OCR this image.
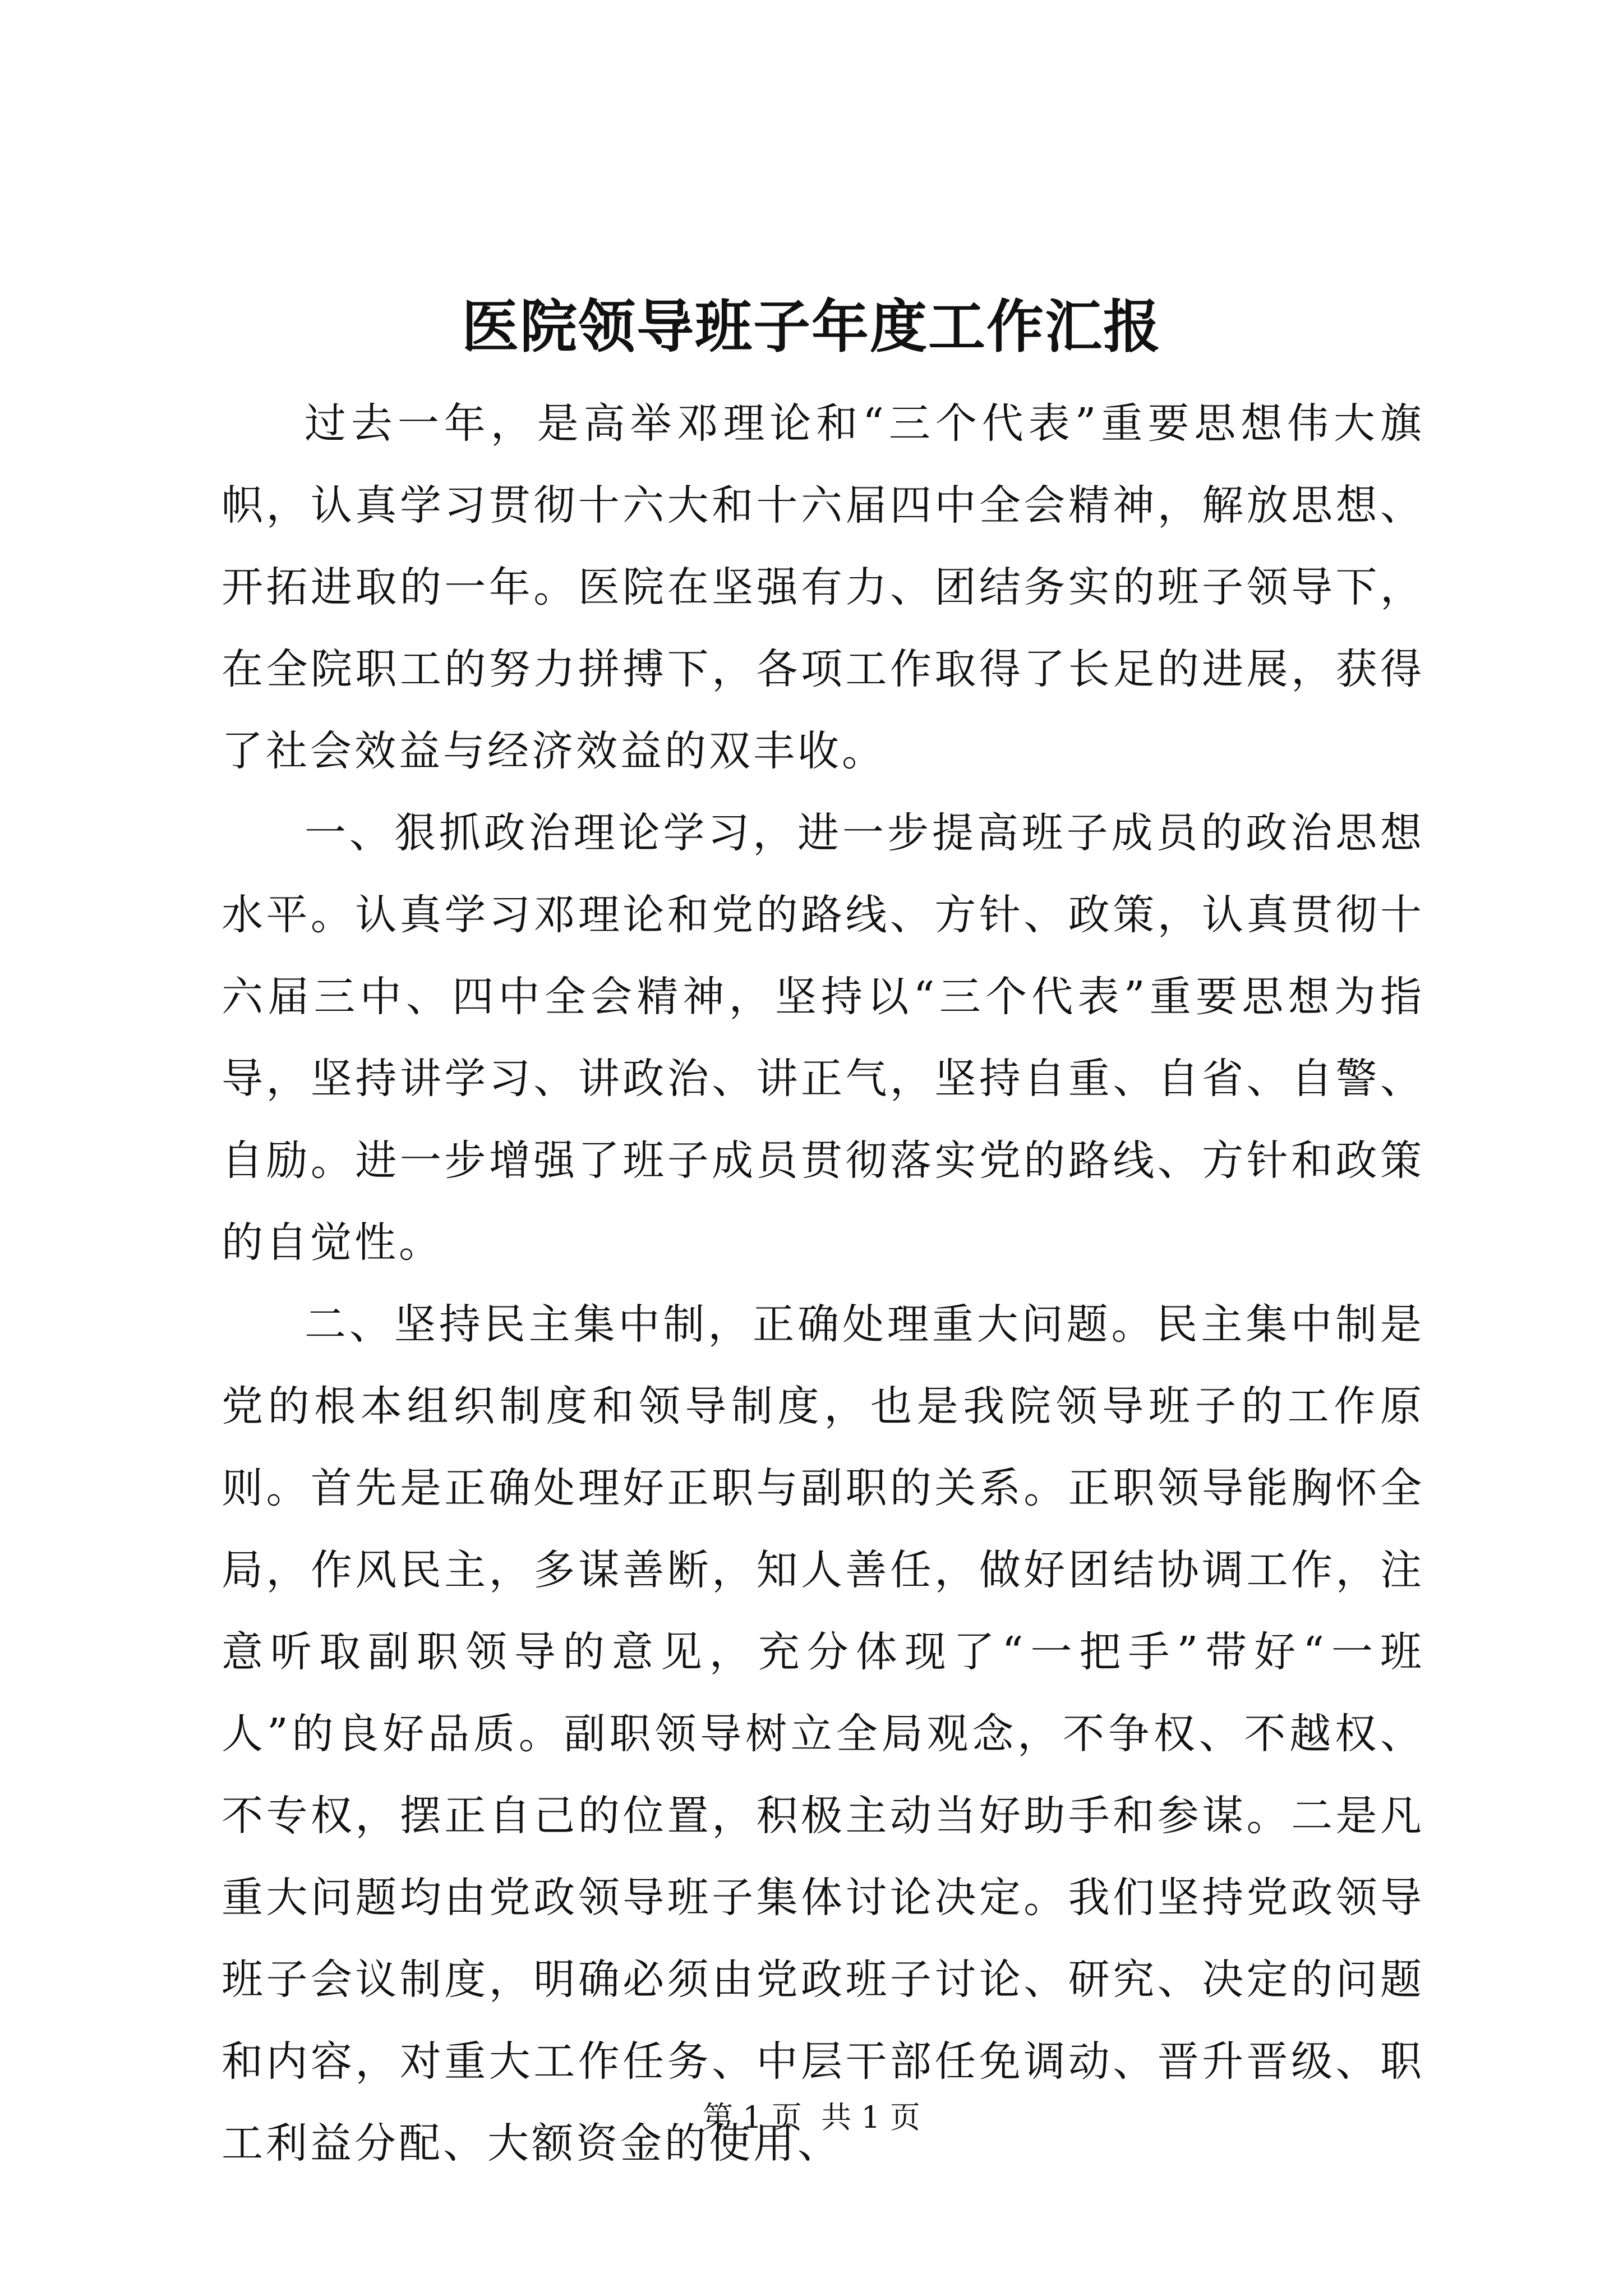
医院领导班子年度工作汇报

过去一年，是高举邓理论和“三个代表”重要思想伟大旗帜，认真学习贯彻十六大和十六届四中全会精神，解放思想、开拓进取的一年。医院在坚强有力、团结务实的班子领导下，在全院职工的努力拼搏下，各项工作取得了长足的进展，获得了社会效益与经济效益的双丰收。

一、狠抓政治理论学习，进一步提高班子成员的政治思想水平。认真学习邓理论和党的路线、方针、政策，认真贯彻十六届三中、四中全会精神，坚持以“三个代表”重要思想为指导，坚持讲学习、讲政治、讲正气，坚持自重、自省、自警、自励。进一步增强了班子成员贯彻落实党的路线、方针和政策的自觉性。

二、坚持民主集中制，正确处理重大问题。民主集中制是党的根本组织制度和领导制度，也是我院领导班子的工作原则。首先是正确处理好正职与副职的关系。正职领导能胸怀全局，作风民主，多谋善断，知人善任，做好团结协调工作，注意听取副职领导的意见，充分体现了“一把手”带好“一班人”的良好品质。副职领导树立全局观念，不争权、不越权、不专权，摆正自己的位置，积极主动当好助手和参谋。二是凡重大问题均由党政领导班子集体讨论决定。我们坚持党政领导班子会议制度，明确必须由党政班子讨论、研究、决定的问题和内容，对重大工作任务、中层干部任免调动、晋升晋级、职工利益分配、大额资金的使用、

第 1 页  共 1 页
